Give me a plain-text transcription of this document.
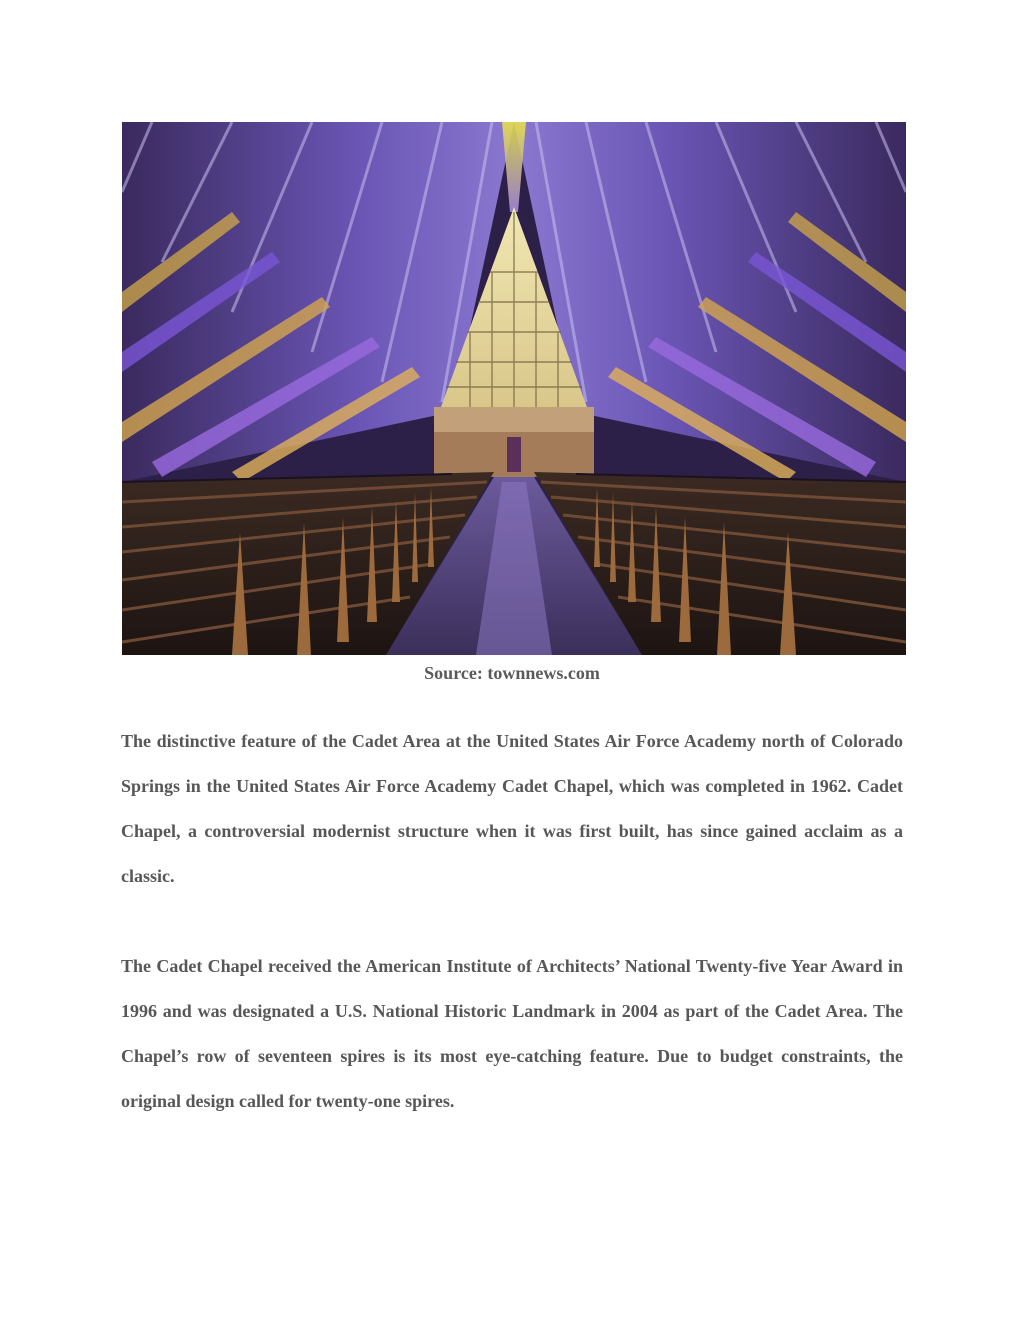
Source: townnews.com

The distinctive feature of the Cadet Area at the United States Air Force Academy north of Colorado Springs in the United States Air Force Academy Cadet Chapel, which was completed in 1962. Cadet Chapel, a controversial modernist structure when it was first built, has since gained acclaim as a classic.

The Cadet Chapel received the American Institute of Architects’ National Twenty-five Year Award in 1996 and was designated a U.S. National Historic Landmark in 2004 as part of the Cadet Area. The Chapel’s row of seventeen spires is its most eye-catching feature. Due to budget constraints, the original design called for twenty-one spires.
